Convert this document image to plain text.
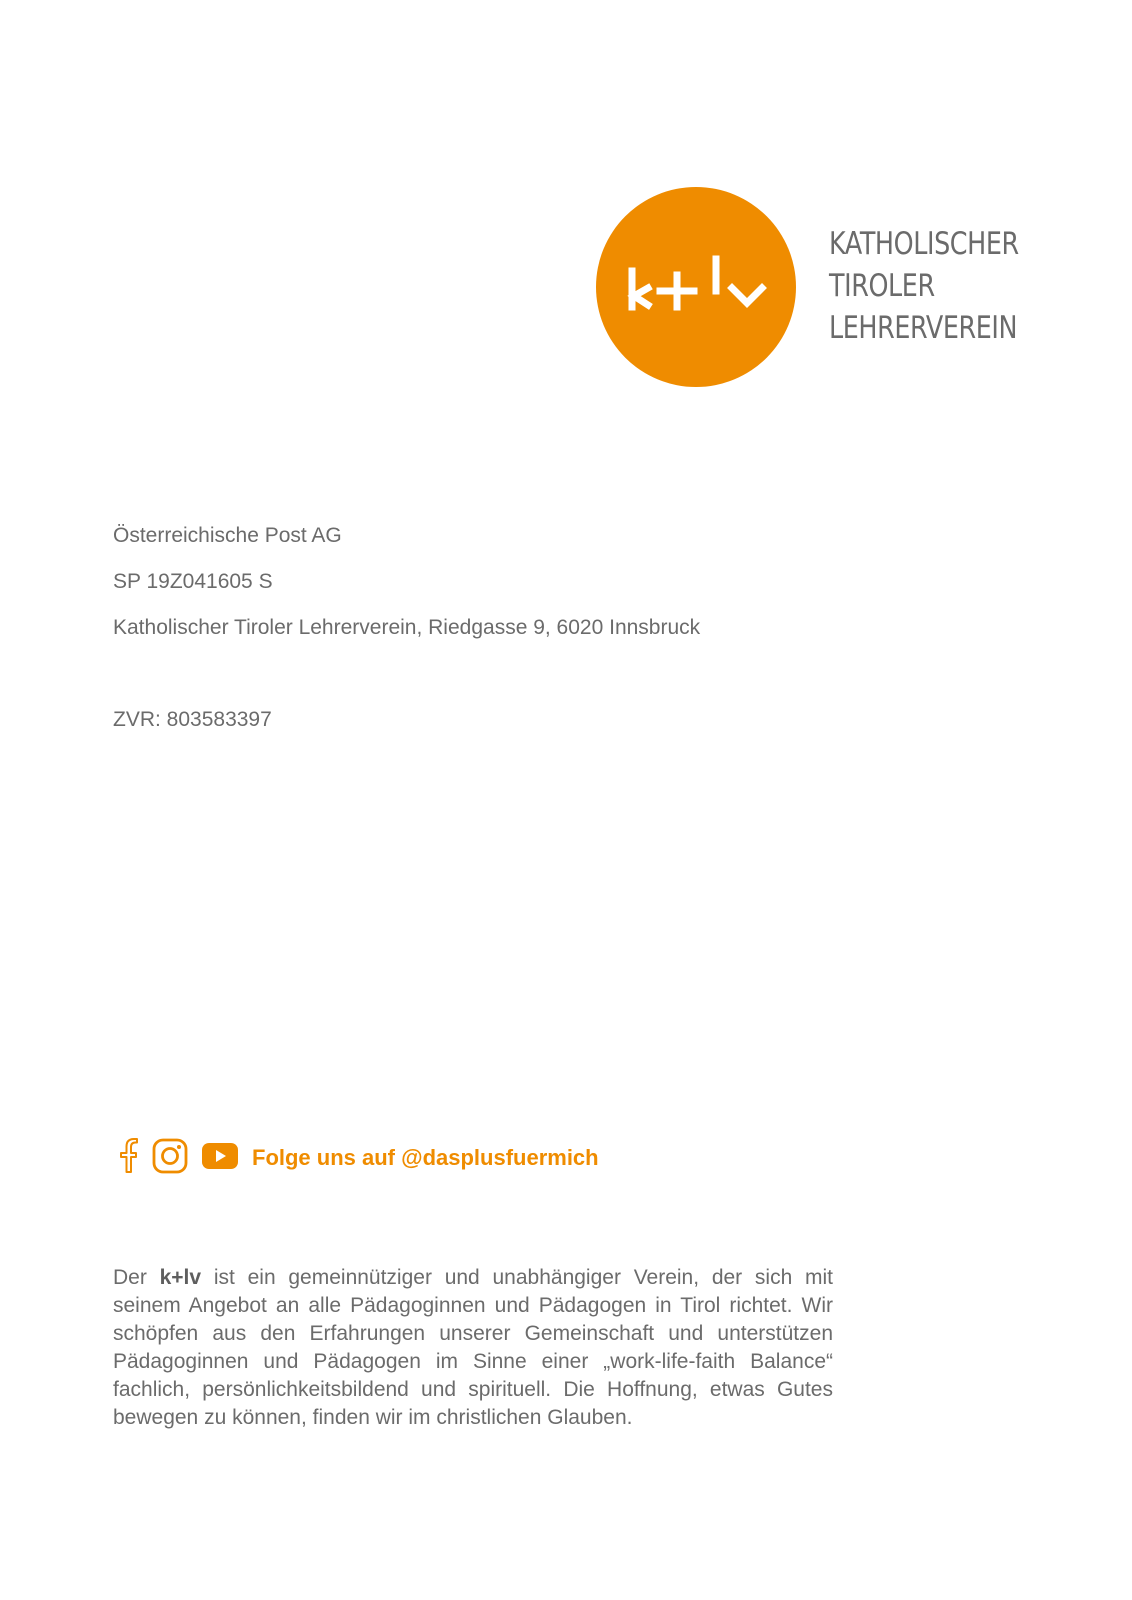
KATHOLISCHER
TIROLER
LEHRERVEREIN
Österreichische Post AG
SP 19Z041605 S
Katholischer Tiroler Lehrerverein, Riedgasse 9, 6020 Innsbruck
ZVR: 803583397
Folge uns auf @dasplusfuermich
Der k+lv ist ein gemeinnütziger und unabhängiger Verein, der sich mit seinem Angebot an alle Pädagoginnen und Pädagogen in Tirol richtet. Wir schöpfen aus den Erfahrungen unserer Gemeinschaft und unterstützen Pädagoginnen und Pädagogen im Sinne einer „work-life-faith Balance“ fachlich, persönlichkeitsbildend und spirituell. Die Hoffnung, etwas Gutes bewegen zu können, finden wir im christlichen Glauben.
